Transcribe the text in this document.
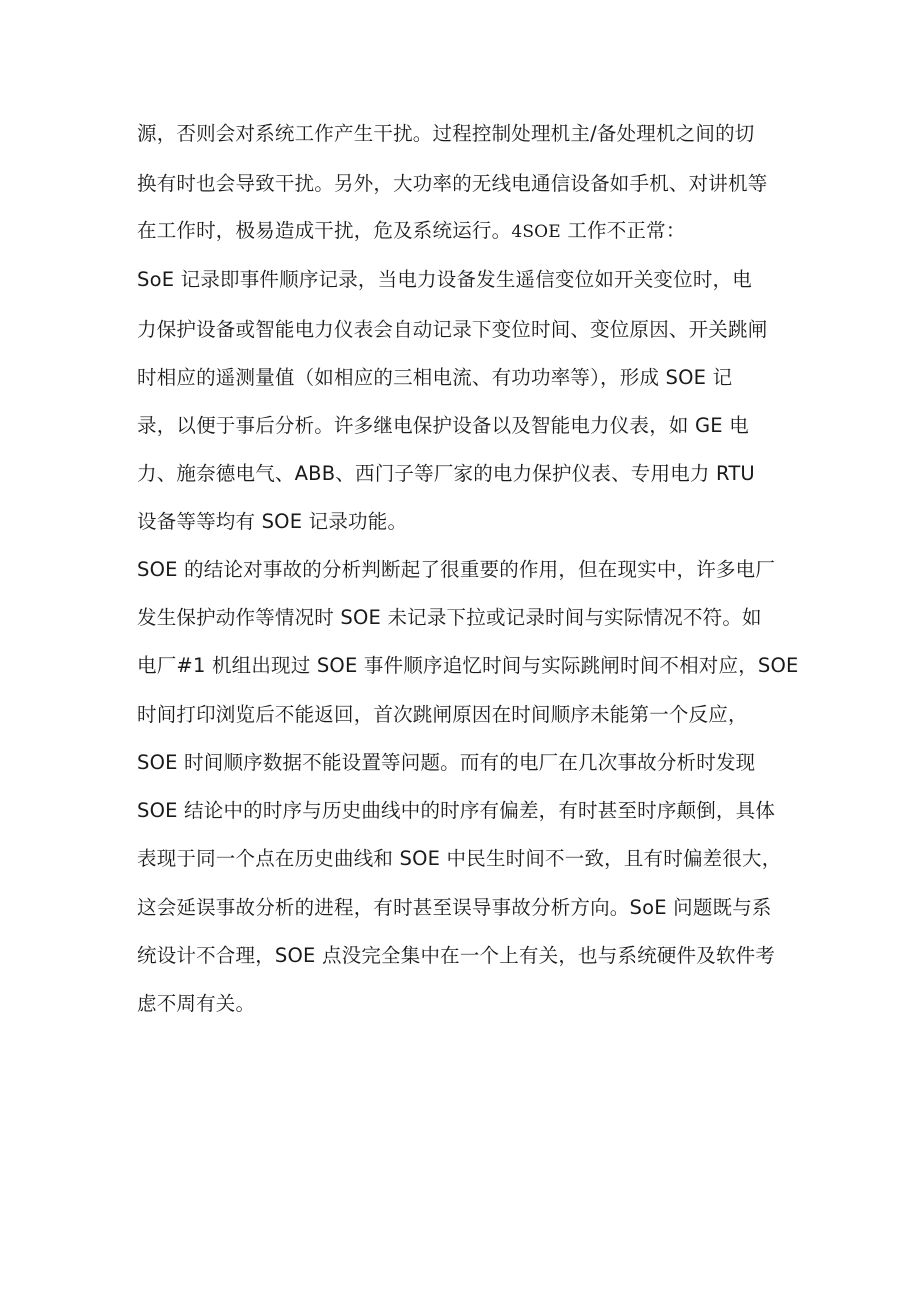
源，否则会对系统工作产生干扰。过程控制处理机主/备处理机之间的切
换有时也会导致干扰。另外，大功率的无线电通信设备如手机、对讲机等
在工作时，极易造成干扰，危及系统运行。4SOE 工作不正常：
SoE 记录即事件顺序记录，当电力设备发生遥信变位如开关变位时，电
力保护设备或智能电力仪表会自动记录下变位时间、变位原因、开关跳闸
时相应的遥测量值（如相应的三相电流、有功功率等），形成 SOE 记
录，以便于事后分析。许多继电保护设备以及智能电力仪表，如 GE 电
力、施奈德电气、ABB、西门子等厂家的电力保护仪表、专用电力 RTU
设备等等均有 SOE 记录功能。
SOE 的结论对事故的分析判断起了很重要的作用，但在现实中，许多电厂
发生保护动作等情况时 SOE 未记录下拉或记录时间与实际情况不符。如
电厂#1 机组出现过 SOE 事件顺序追忆时间与实际跳闸时间不相对应，SOE
时间打印浏览后不能返回，首次跳闸原因在时间顺序未能第一个反应，
SOE 时间顺序数据不能设置等问题。而有的电厂在几次事故分析时发现
SOE 结论中的时序与历史曲线中的时序有偏差，有时甚至时序颠倒，具体
表现于同一个点在历史曲线和 SOE 中民生时间不一致，且有时偏差很大，
这会延误事故分析的进程，有时甚至误导事故分析方向。SoE 问题既与系
统设计不合理，SOE 点没完全集中在一个上有关，也与系统硬件及软件考
虑不周有关。
